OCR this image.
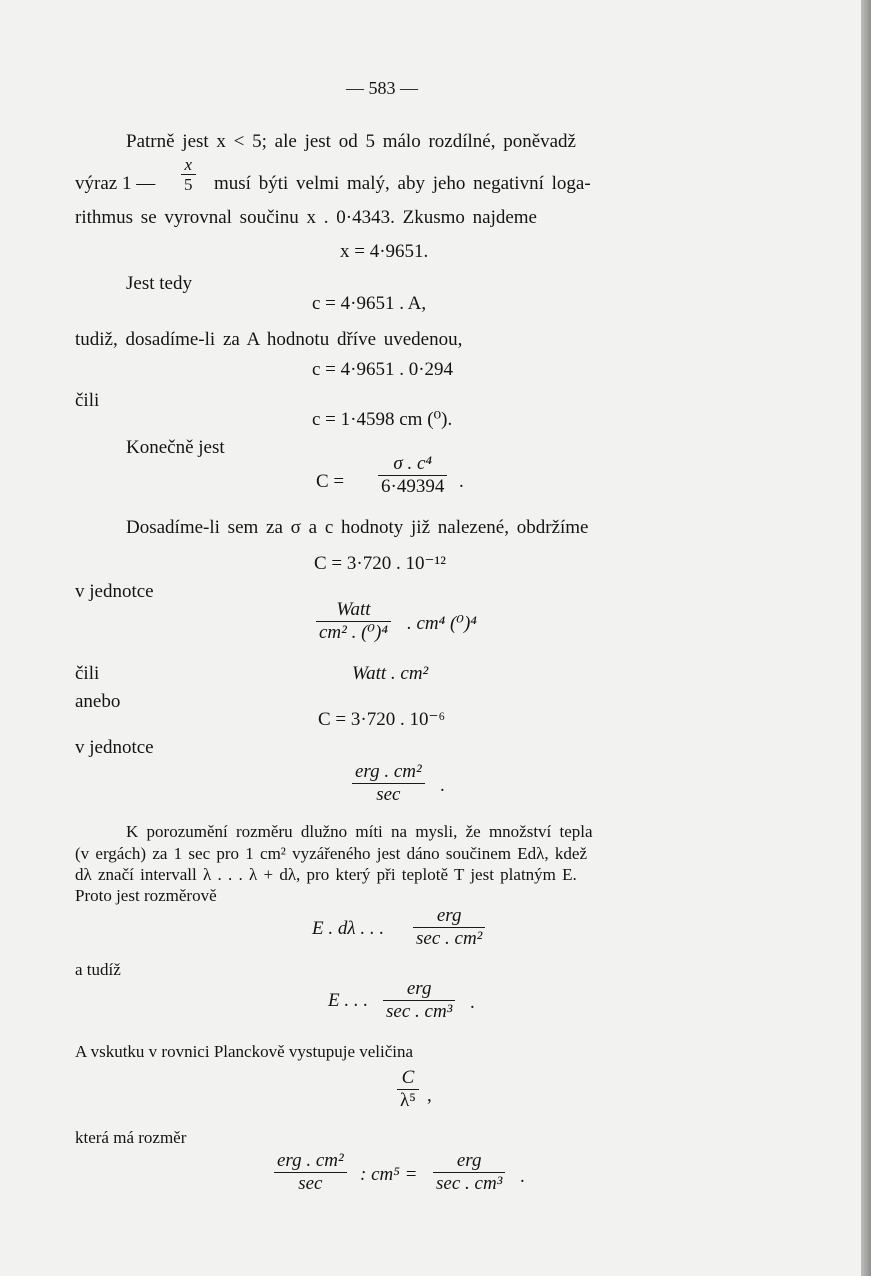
— 583 —
Patrně jest x < 5; ale jest od 5 málo rozdílné, poněvadž
výraz 1 —
x
5 musí býti velmi malý, aby jeho negativní loga-
rithmus se vyrovnal součinu x . 0·4343. Zkusmo najdeme
x = 4·9651.
Jest tedy
c = 4·9651 . A,
tudiž, dosadíme-li za A hodnotu dříve uvedenou,
c = 4·9651 . 0·294
čili
c = 1·4598 cm (⁰).
Konečně jest
C =
σ . c⁴
6·49394 .
Dosadíme-li sem za σ a c hodnoty již nalezené, obdržíme
C = 3·720 . 10⁻¹²
v jednotce
Watt
cm² . (⁰)⁴ . cm⁴ (⁰)⁴
čili	Watt . cm²
anebo
C = 3·720 . 10⁻⁶
v jednotce
erg . cm²
sec	.
K porozumění rozměru dlužno míti na mysli, že množství tepla
(v ergách) za 1 sec pro 1 cm² vyzářeného jest dáno součinem Edλ, kdež
dλ značí intervall λ . . . λ + dλ, pro který při teplotě T jest platným E.
Proto jest rozměrově
E . dλ . . .
erg
sec . cm²
a tudíž
E . . .
erg
sec . cm³ .
A vskutku v rovnici Planckově vystupuje veličina
C
λ⁵ ,
která má rozměr
erg . cm²
sec	: cm⁵ =
erg
sec . cm³ .
